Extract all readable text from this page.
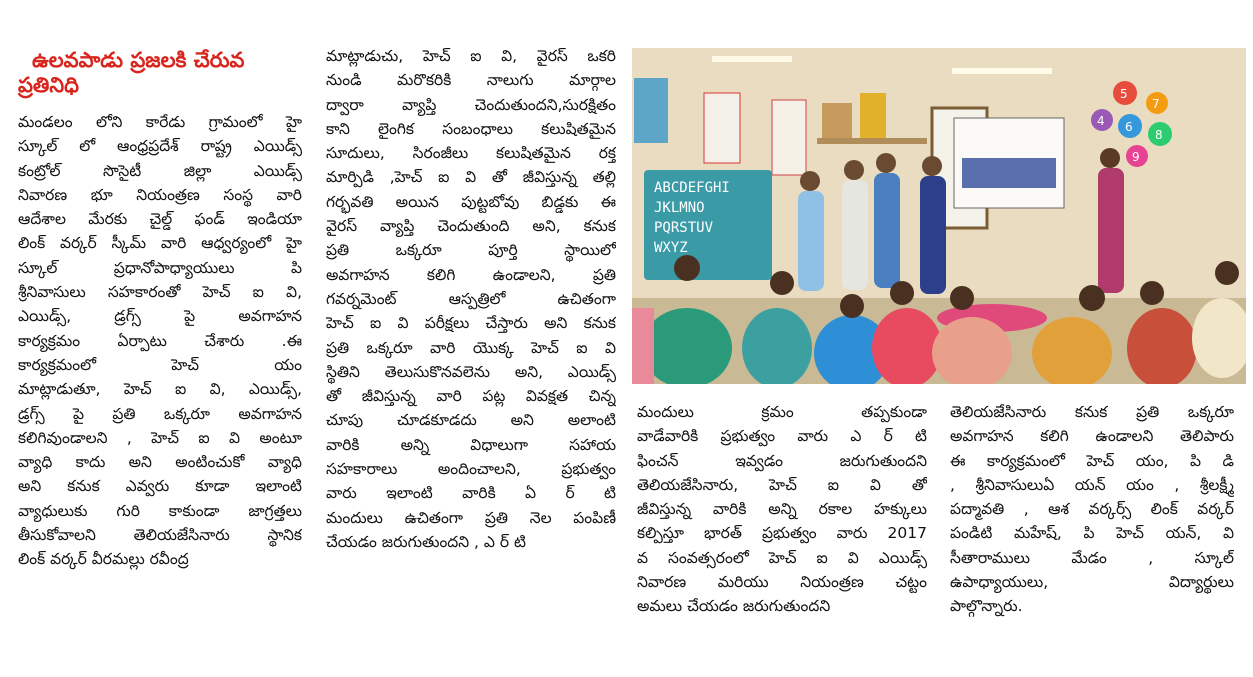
ఉలవపాడు ప్రజలకి చేరువ
ప్రతినిధి
మండలం లోని కారేడు గ్రామంలో హై
స్కూల్ లో ఆంధ్రప్రదేశ్ రాష్ట్ర ఎయిడ్స్
కంట్రోల్ సొసైటీ జిల్లా ఎయిడ్స్
నివారణ భూ నియంత్రణ సంస్థ వారి
ఆదేశాల మేరకు చైల్డ్ ఫండ్ ఇండియా
లింక్ వర్కర్ స్కీమ్ వారి ఆధ్వర్యంలో హై
స్కూల్ ప్రధానోపాధ్యాయులు పి
శ్రీనివాసులు సహకారంతో హెచ్ ఐ వి,
ఎయిడ్స్, డ్రగ్స్ పై అవగాహన
కార్యక్రమం ఏర్పాటు చేశారు .ఈ
కార్యక్రమంలో హెచ్ యం
మాట్లాడుతూ, హెచ్ ఐ వి, ఎయిడ్స్,
డ్రగ్స్ పై ప్రతి ఒక్కరూ అవగాహన
కలిగివుండాలని , హెచ్ ఐ వి అంటూ
వ్యాధి కాదు అని అంటించుకో వ్యాధి
అని కనుక ఎవ్వరు కూడా ఇలాంటి
వ్యాధులుకు గురి కాకుండా జాగ్రత్తలు
తీసుకోవాలని తెలియజేసినారు స్థానిక
లింక్ వర్కర్ వీరమల్లు రవీంద్ర
మాట్లాడుచు, హెచ్ ఐ వి, వైరస్ ఒకరి
నుండి మరొకరికి నాలుగు మార్గాల
ద్వారా వ్యాప్తి చెందుతుందని,సురక్షితం
కాని లైంగిక సంబంధాలు కలుషితమైన
సూదులు, సిరంజీలు కలుషితమైన రక్త
మార్పిడి ,హెచ్ ఐ వి తో జీవిస్తున్న తల్లి
గర్భవతి అయిన పుట్టబోవు బిడ్డకు ఈ
వైరస్ వ్యాప్తి చెందుతుంది అని, కనుక
ప్రతి ఒక్కరూ పూర్తి స్థాయిలో
అవగాహన కలిగి ఉండాలని, ప్రతి
గవర్నమెంట్ ఆస్పత్రిలో ఉచితంగా
హెచ్ ఐ వి పరీక్షలు చేస్తారు అని కనుక
ప్రతి ఒక్కరూ వారి యొక్క హెచ్ ఐ వి
స్థితిని తెలుసుకొనవలెను అని, ఎయిడ్స్
తో జీవిస్తున్న వారి పట్ల వివక్షత చిన్న
చూపు చూడకూడదు అని అలాంటి
వారికి అన్ని విధాలుగా సహాయ
సహకారాలు అందించాలని, ప్రభుత్వం
వారు ఇలాంటి వారికి ఏ ర్ టి
మందులు ఉచితంగా ప్రతి నెల పంపిణీ
చేయడం జరుగుతుందని , ఎ ర్ టి
మందులు క్రమం తప్పకుండా
వాడేవారికి ప్రభుత్వం వారు ఎ ర్ టి
ఫించన్ ఇవ్వడం జరుగుతుందని
తెలియజేసినారు, హెచ్ ఐ వి తో
జీవిస్తున్న వారికి అన్ని రకాల హక్కులు
కల్పిస్తూ భారత్ ప్రభుత్వం వారు 2017
వ సంవత్సరంలో హెచ్ ఐ వి ఎయిడ్స్
నివారణ మరియు నియంత్రణ చట్టం
అమలు చేయడం జరుగుతుందని
తెలియజేసినారు కనుక ప్రతి ఒక్కరూ
అవగాహన కలిగి ఉండాలని తెలిపారు
ఈ కార్యక్రమంలో హెచ్ యం, పి డి
, శ్రీనివాసులుఏ యన్ యం , శ్రీలక్ష్మీ
పద్మావతి , ఆశ వర్కర్స్ లింక్ వర్కర్
పండిటి మహేష్, పి హెచ్ యన్, వి
సీతారాములు మేడం , స్కూల్
ఉపాధ్యాయులు, విద్యార్థులు
పాల్గొన్నారు.
ABCDEFGHI
JKLMNO
PQRSTUV
WXYZ
5
7
4 6
8
9
